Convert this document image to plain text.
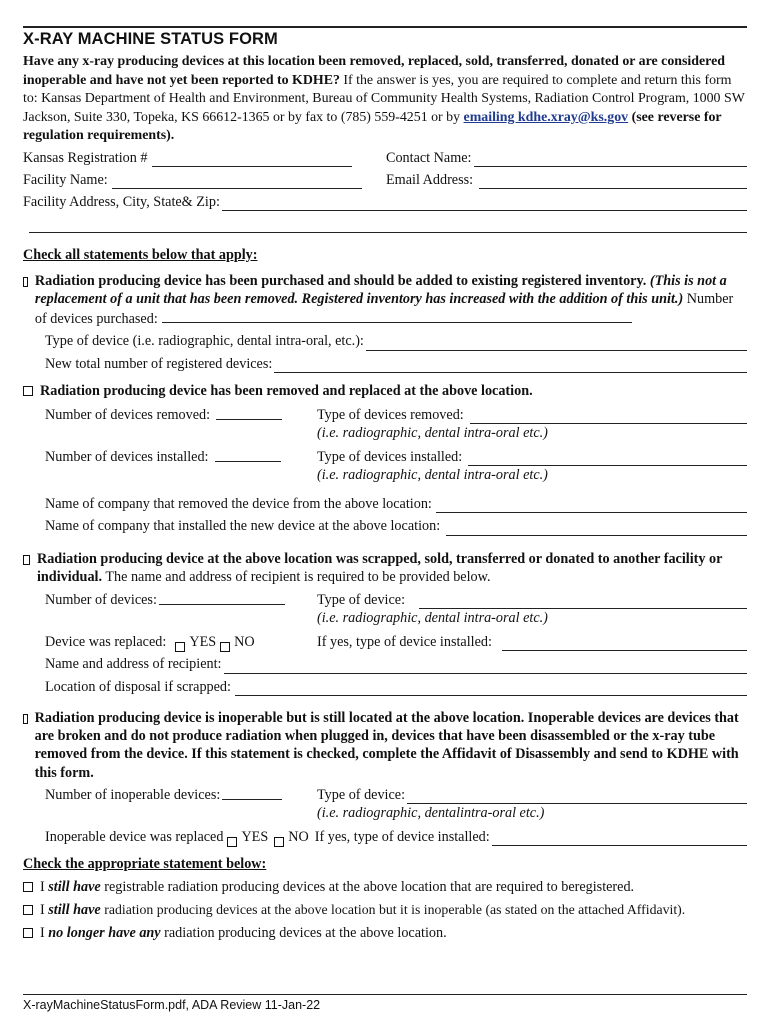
X-RAY MACHINE STATUS FORM
Have any x-ray producing devices at this location been removed, replaced, sold, transferred, donated or are considered inoperable and have not yet been reported to KDHE? If the answer is yes, you are required to complete and return this form to: Kansas Department of Health and Environment, Bureau of Community Health Systems, Radiation Control Program, 1000 SW Jackson, Suite 330, Topeka, KS 66612-1365 or by fax to (785) 559-4251 or by emailing kdhe.xray@ks.gov (see reverse for regulation requirements).
Kansas Registration #	Contact Name:
Facility Name:	Email Address:
Facility Address, City, State& Zip:
Check all statements below that apply:
Radiation producing device has been purchased and should be added to existing registered inventory. (This is not a replacement of a unit that has been removed. Registered inventory has increased with the addition of this unit.) Number of devices purchased:
Type of device (i.e. radiographic, dental intra-oral, etc.):
New total number of registered devices:
Radiation producing device has been removed and replaced at the above location.
Number of devices removed:	Type of devices removed:
(i.e. radiographic, dental intra-oral etc.)
Number of devices installed:	Type of devices installed:
(i.e. radiographic, dental intra-oral etc.)
Name of company that removed the device from the above location:
Name of company that installed the new device at the above location:
Radiation producing device at the above location was scrapped, sold, transferred or donated to another facility or individual. The name and address of recipient is required to be provided below.
Number of devices:	Type of device:
(i.e. radiographic, dental intra-oral etc.)
Device was replaced: YES NO	If yes, type of device installed:
Name and address of recipient:
Location of disposal if scrapped:
Radiation producing device is inoperable but is still located at the above location. Inoperable devices are devices that are broken and do not produce radiation when plugged in, devices that have been disassembled or the x-ray tube removed from the device. If this statement is checked, complete the Affidavit of Disassembly and send to KDHE with this form.
Number of inoperable devices:	Type of device:
(i.e. radiographic, dentalintra-oral etc.)
Inoperable device was replaced YES NO If yes, type of device installed:
Check the appropriate statement below:
I still have registrable radiation producing devices at the above location that are required to beregistered.
I still have radiation producing devices at the above location but it is inoperable (as stated on the attached Affidavit).
I no longer have any radiation producing devices at the above location.
X-rayMachineStatusForm.pdf, ADA Review 11-Jan-22
